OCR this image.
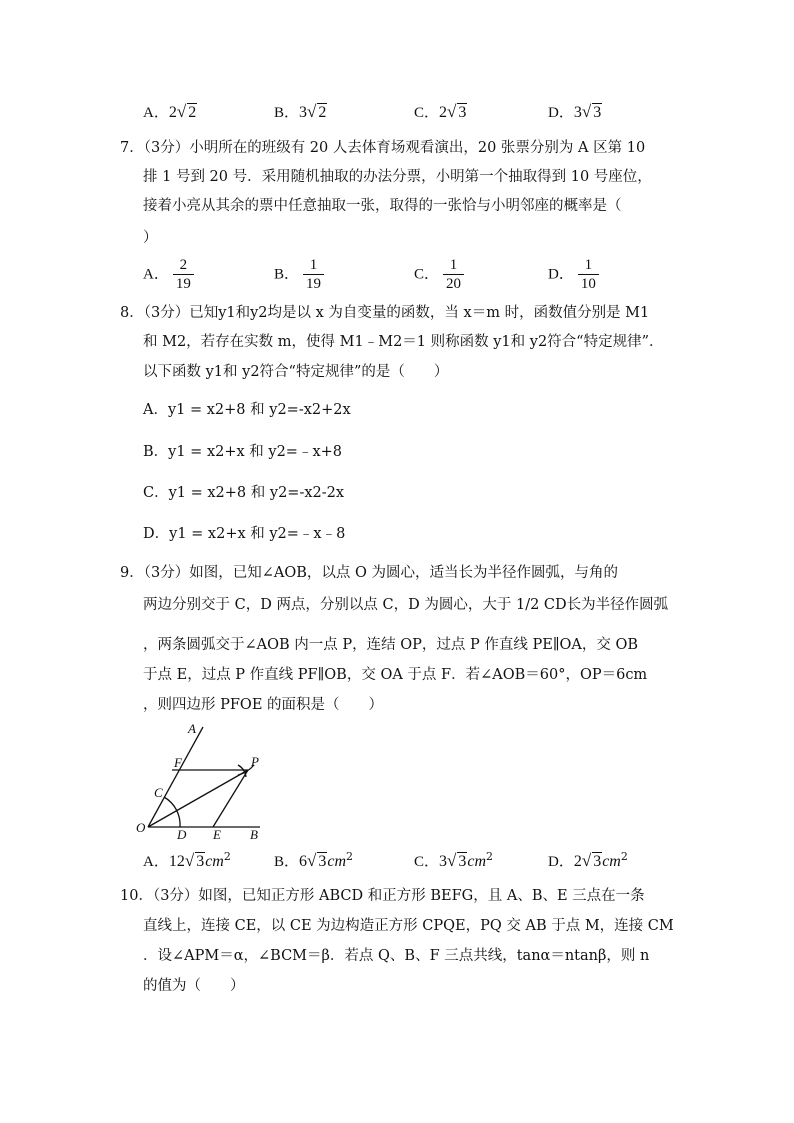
A．2√ 2	B．3√ 2	C．2√ 3	D．3√ 3
7．（3分）小明所在的班级有 20 人去体育场观看演出，20 张票分别为 A 区第 10
排 1 号到 20 号．采用随机抽取的办法分票，小明第一个抽取得到 10 号座位，
接着小亮从其余的票中任意抽取一张，取得的一张恰与小明邻座的概率是（
）
A． $\frac{2}{19}$	B． $\frac{1}{19}$	C． $\frac{1}{20}$	D． $\frac{1}{10}$
8．（3分）已知y1和y2均是以 x 为自变量的函数，当 x＝m 时，函数值分别是 M1
和 M2，若存在实数 m，使得 M1﹣M2＝1 则称函数 y1和 y2符合“特定规律”．
以下函数 y1和 y2符合“特定规律”的是（　　）
A．y1 = x2+8 和 y2=-x2+2x
B．y1 = x2+x 和 y2=﹣x+8
C．y1 = x2+8 和 y2=-x2-2x
D．y1 = x2+x 和 y2=﹣x﹣8
9．（3分）如图，已知∠AOB，以点 O 为圆心，适当长为半径作圆弧，与角的
两边分别交于 C，D 两点，分别以点 C，D 为圆心，大于 1/2 CD长为半径作圆弧
，两条圆弧交于∠AOB 内一点 P，连结 OP，过点 P 作直线 PE∥OA，交 OB
于点 E，过点 P 作直线 PF∥OB，交 OA 于点 F．若∠AOB＝60°，OP＝6cm
，则四边形 PFOE 的面积是（　　）
A
F	P
C
O D E B
A．12√ $3cm^2$	B．6√ $3cm^2$	C．3√ $3cm^2$	D．2√ $3cm^2$
10．（3分）如图，已知正方形 ABCD 和正方形 BEFG，且 A、B、E 三点在一条
直线上，连接 CE，以 CE 为边构造正方形 CPQE，PQ 交 AB 于点 M，连接 CM
．设∠APM＝α，∠BCM＝β．若点 Q、B、F 三点共线，tanα＝ntanβ，则 n
的值为（　　）
